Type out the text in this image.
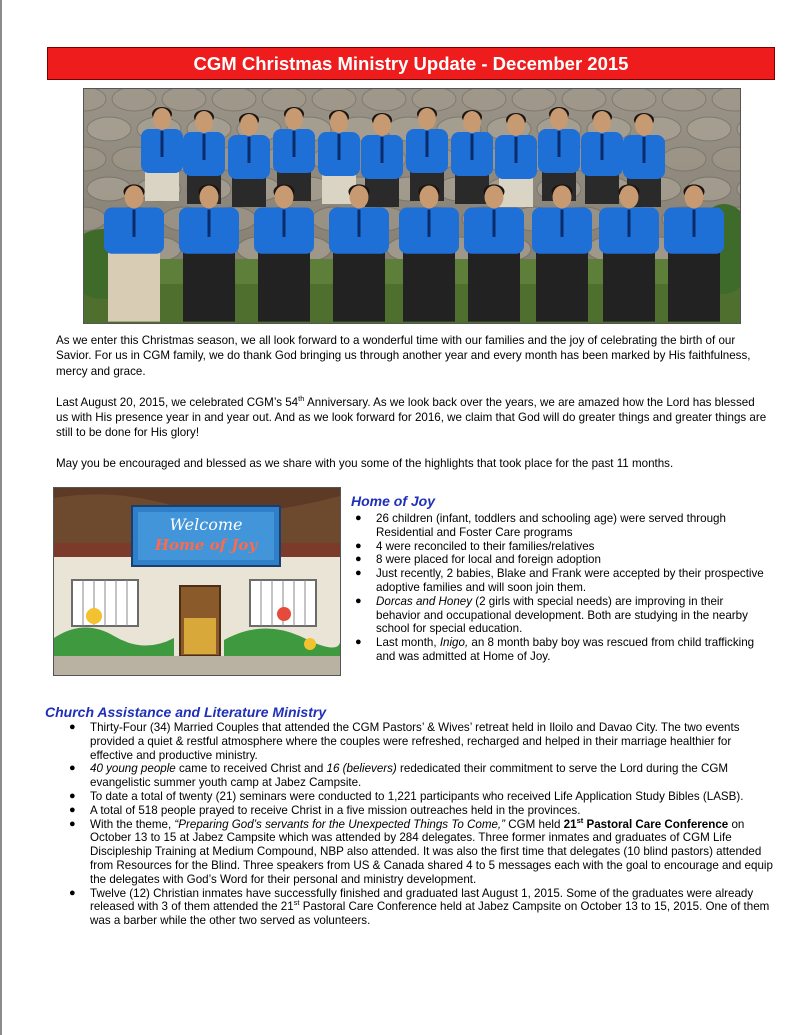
CGM Christmas Ministry Update - December 2015

As we enter this Christmas season, we all look forward to a wonderful time with our families and the joy of celebrating the birth of our Savior. For us in CGM family, we do thank God bringing us through another year and every month has been marked by His faithfulness, mercy and grace.

Last August 20, 2015, we celebrated CGM’s 54th Anniversary. As we look back over the years, we are amazed how the Lord has blessed us with His presence year in and year out. And as we look forward for 2016, we claim that God will do greater things and greater things are still to be done for His glory!

May you be encouraged and blessed as we share with you some of the highlights that took place for the past 11 months.

Welcome
Home of Joy

Home of Joy

● 26 children (infant, toddlers and schooling age) were served through Residential and Foster Care programs
● 4 were reconciled to their families/relatives
● 8 were placed for local and foreign adoption
● Just recently, 2 babies, Blake and Frank were accepted by their prospective adoptive families and will soon join them.
● Dorcas and Honey (2 girls with special needs) are improving in their behavior and occupational development. Both are studying in the nearby school for special education.
● Last month, Inigo, an 8 month baby boy was rescued from child trafficking and was admitted at Home of Joy.

Church Assistance and Literature Ministry

● Thirty-Four (34) Married Couples that attended the CGM Pastors’ & Wives’ retreat held in Iloilo and Davao City. The two events provided a quiet & restful atmosphere where the couples were refreshed, recharged and helped in their marriage healthier for effective and productive ministry.
● 40 young people came to received Christ and 16 (believers) rededicated their commitment to serve the Lord during the CGM evangelistic summer youth camp at Jabez Campsite.
● To date a total of twenty (21) seminars were conducted to 1,221 participants who received Life Application Study Bibles (LASB).
● A total of 518 people prayed to receive Christ in a five mission outreaches held in the provinces.
● With the theme, “Preparing God’s servants for the Unexpected Things To Come,” CGM held 21st Pastoral Care Conference on October 13 to 15 at Jabez Campsite which was attended by 284 delegates. Three former inmates and graduates of CGM Life Discipleship Training at Medium Compound, NBP also attended. It was also the first time that delegates (10 blind pastors) attended from Resources for the Blind. Three speakers from US & Canada shared 4 to 5 messages each with the goal to encourage and equip the delegates with God’s Word for their personal and ministry development.
● Twelve (12) Christian inmates have successfully finished and graduated last August 1, 2015. Some of the graduates were already released with 3 of them attended the 21st Pastoral Care Conference held at Jabez Campsite on October 13 to 15, 2015. One of them was a barber while the other two served as volunteers.
